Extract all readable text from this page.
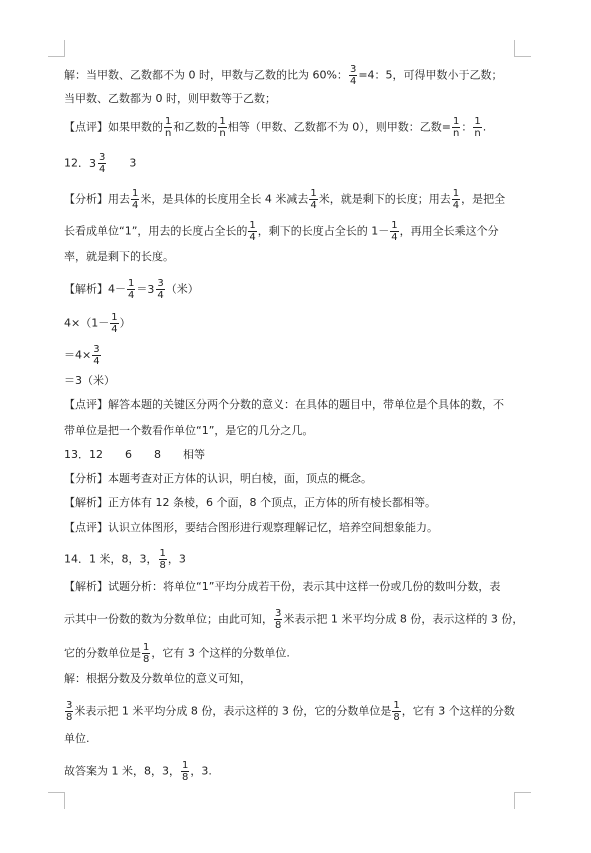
解：当甲数、乙数都不为 0 时，甲数与乙数的比为 60%： $\frac{3}{4} =4$：5，可得甲数小于乙数；
当甲数、乙数都为 0 时，则甲数等于乙数；
【点评】如果甲数的 $\frac{1}{n}$ 和乙数的 $\frac{1}{n}$ 相等（甲数、乙数都不为 0），则甲数：乙数= $\frac{1}{n}$ ： $\frac{1}{n}$ .
12． $3 \frac{3}{4} 3$
【分析】用去 $\frac{1}{4}$ 米，是具体的长度用全长 4 米减去 $\frac{1}{4}$ 米，就是剩下的长度；用去 $\frac{1}{4}$ ，是把全
长看成单位“1”，用去的长度占全长的 $\frac{1}{4}$ ，剩下的长度占全长的 $1- \frac{1}{4}$ ，再用全长乘这个分
率，就是剩下的长度。
【解析】$4- \frac{1}{4} = 3 \frac{3}{4}$ （米）
$4\times(1- \frac{1}{4}$ ）
$=4\times \frac{3}{4}$
＝3（米）
【点评】解答本题的关键区分两个分数的意义：在具体的题目中，带单位是个具体的数，不
带单位是把一个数看作单位“1”，是它的几分之几。
13．12 6 8 相等
【分析】本题考查对正方体的认识，明白棱，面，顶点的概念。
【解析】正方体有 12 条棱，6 个面，8 个顶点，正方体的所有棱长都相等。
【点评】认识立体图形，要结合图形进行观察理解记忆，培养空间想象能力。
14．1 米，8，3， $\frac{1}{8}$ ，3
【解析】试题分析：将单位“1”平均分成若干份，表示其中这样一份或几份的数叫分数，表
示其中一份数的数为分数单位；由此可知， $\frac{3}{8}$ 米表示把 1 米平均分成 8 份，表示这样的 3 份，
它的分数单位是 $\frac{1}{8}$ ，它有 3 个这样的分数单位.
解：根据分数及分数单位的意义可知，
$\frac{3}{8}$ 米表示把 1 米平均分成 8 份，表示这样的 3 份，它的分数单位是 $\frac{1}{8}$ ，它有 3 个这样的分数
单位.
故答案为 1 米，8，3， $\frac{1}{8}$ ，3.
